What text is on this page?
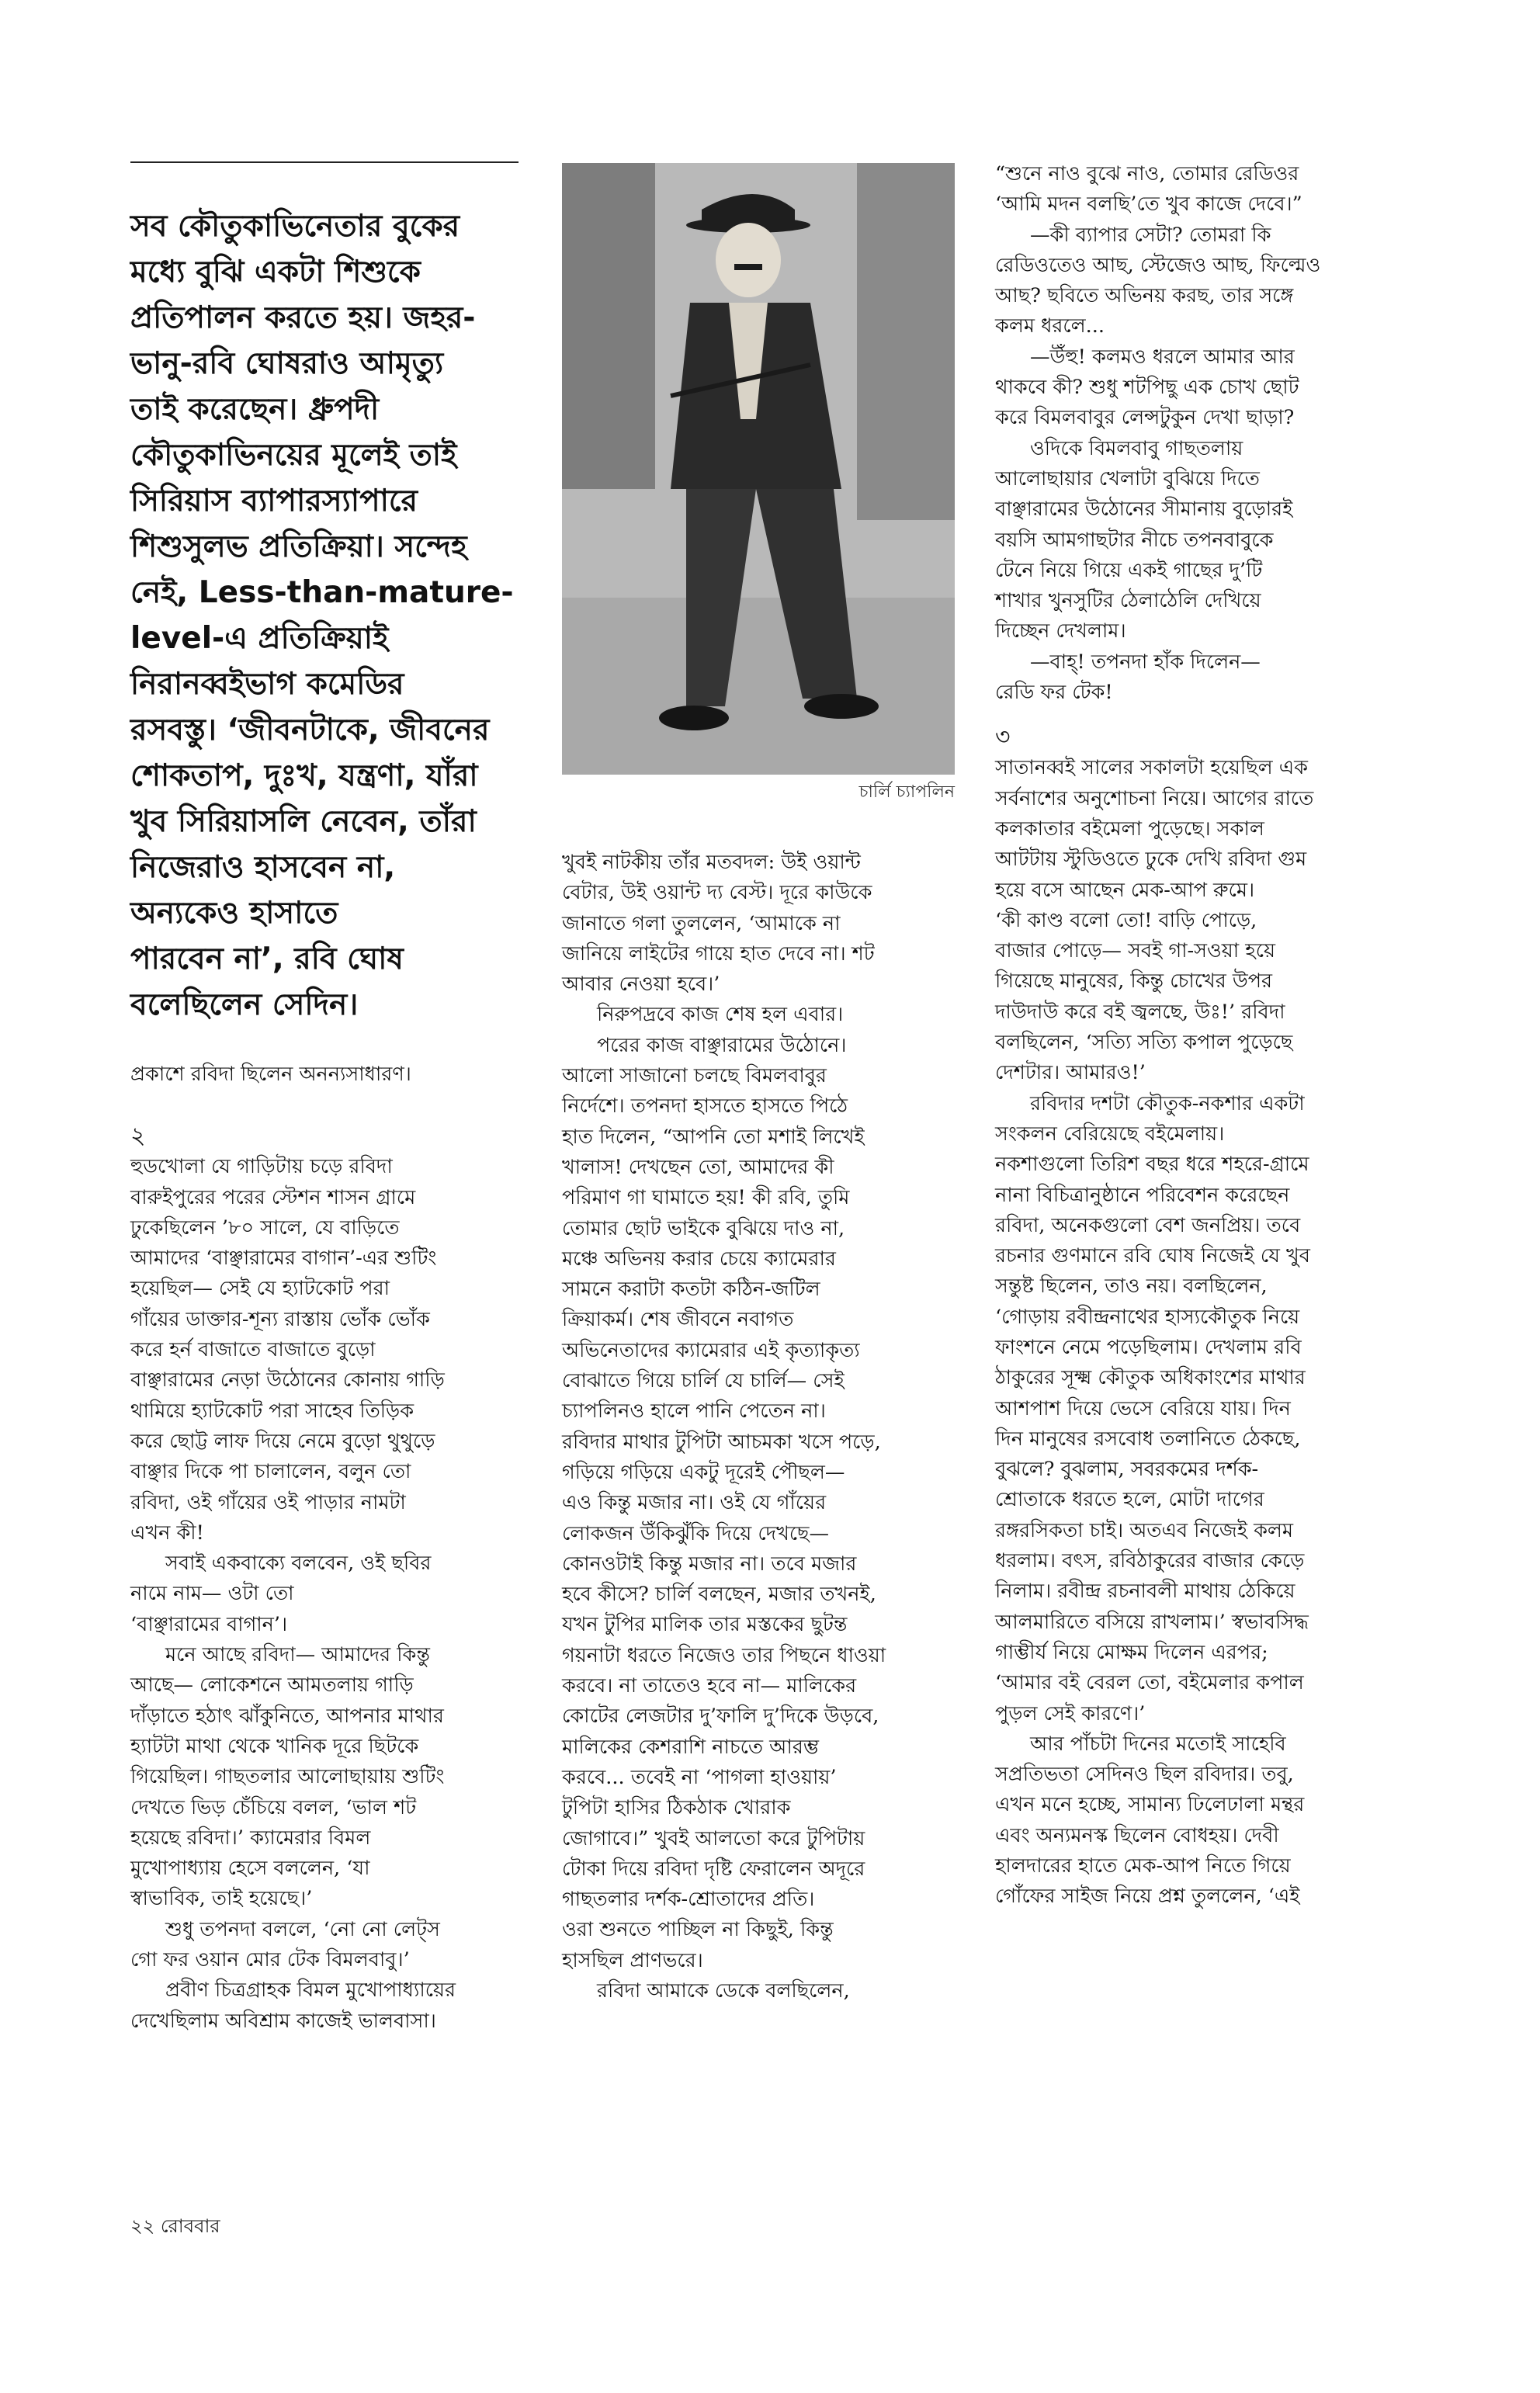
সব কৌতুকাভিনেতার বুকের

মধ্যে বুঝি একটা শিশুকে

প্রতিপালন করতে হয়। জহর-

ভানু-রবি ঘোষরাও আমৃত্যু

তাই করেছেন। ধ্রুপদী

কৌতুকাভিনয়ের মূলেই তাই

সিরিয়াস ব্যাপারস্যাপারে

শিশুসুলভ প্রতিক্রিয়া। সন্দেহ

নেই, Less-than-mature-

level-এ প্রতিক্রিয়াই

নিরানব্বইভাগ কমেডির

রসবস্তু। ‘জীবনটাকে, জীবনের

শোকতাপ, দুঃখ, যন্ত্রণা, যাঁরা

খুব সিরিয়াসলি নেবেন, তাঁরা

নিজেরাও হাসবেন না,

অন্যকেও হাসাতে

পারবেন না’, রবি ঘোষ

বলেছিলেন সেদিন।

চার্লি চ্যাপলিন

প্রকাশে রবিদা ছিলেন অনন্যসাধারণ।

২

হুডখোলা যে গাড়িটায় চড়ে রবিদা

বারুইপুরের পরের স্টেশন শাসন গ্রামে

ঢুকেছিলেন ’৮০ সালে, যে বাড়িতে

আমাদের ‘বাঞ্ছারামের বাগান’-এর শুটিং

হয়েছিল— সেই যে হ্যাটকোট পরা

গাঁয়ের ডাক্তার-শূন্য রাস্তায় ভোঁক ভোঁক

করে হর্ন বাজাতে বাজাতে বুড়ো

বাঞ্ছারামের নেড়া উঠোনের কোনায় গাড়ি

থামিয়ে হ্যাটকোট পরা সাহেব তিড়িক

করে ছোট্ট লাফ দিয়ে নেমে বুড়ো থুথুড়ে

বাঞ্ছার দিকে পা চালালেন, বলুন তো

রবিদা, ওই গাঁয়ের ওই পাড়ার নামটা

এখন কী!

সবাই একবাক্যে বলবেন, ওই ছবির

নামে নাম— ওটা তো

‘বাঞ্ছারামের বাগান’।

মনে আছে রবিদা— আমাদের কিন্তু

আছে— লোকেশনে আমতলায় গাড়ি

দাঁড়াতে হঠাৎ ঝাঁকুনিতে, আপনার মাথার

হ্যাটটা মাথা থেকে খানিক দূরে ছিটকে

গিয়েছিল। গাছতলার আলোছায়ায় শুটিং

দেখতে ভিড় চেঁচিয়ে বলল, ‘ভাল শট

হয়েছে রবিদা।’ ক্যামেরার বিমল

মুখোপাধ্যায় হেসে বললেন, ‘যা

স্বাভাবিক, তাই হয়েছে।’

শুধু তপনদা বললে, ‘নো নো লেট্‌স

গো ফর ওয়ান মোর টেক বিমলবাবু।’

প্রবীণ চিত্রগ্রাহক বিমল মুখোপাধ্যায়ের

দেখেছিলাম অবিশ্রাম কাজেই ভালবাসা।

খুবই নাটকীয় তাঁর মতবদল: উই ওয়ান্ট

বেটার, উই ওয়ান্ট দ্য বেস্ট। দূরে কাউকে

জানাতে গলা তুললেন, ‘আমাকে না

জানিয়ে লাইটের গায়ে হাত দেবে না। শট

আবার নেওয়া হবে।’

নিরুপদ্রবে কাজ শেষ হল এবার।

পরের কাজ বাঞ্ছারামের উঠোনে।

আলো সাজানো চলছে বিমলবাবুর

নির্দেশে। তপনদা হাসতে হাসতে পিঠে

হাত দিলেন, “আপনি তো মশাই লিখেই

খালাস! দেখছেন তো, আমাদের কী

পরিমাণ গা ঘামাতে হয়! কী রবি, তুমি

তোমার ছোট ভাইকে বুঝিয়ে দাও না,

মঞ্চে অভিনয় করার চেয়ে ক্যামেরার

সামনে করাটা কতটা কঠিন-জটিল

ক্রিয়াকর্ম। শেষ জীবনে নবাগত

অভিনেতাদের ক্যামেরার এই কৃত্যাকৃত্য

বোঝাতে গিয়ে চার্লি যে চার্লি— সেই

চ্যাপলিনও হালে পানি পেতেন না।

রবিদার মাথার টুপিটা আচমকা খসে পড়ে,

গড়িয়ে গড়িয়ে একটু দূরেই পৌছল—

এও কিন্তু মজার না। ওই যে গাঁয়ের

লোকজন উঁকিঝুঁকি দিয়ে দেখছে—

কোনওটাই কিন্তু মজার না। তবে মজার

হবে কীসে? চার্লি বলছেন, মজার তখনই,

যখন টুপির মালিক তার মস্তকের ছুটন্ত

গয়নাটা ধরতে নিজেও তার পিছনে ধাওয়া

করবে। না তাতেও হবে না— মালিকের

কোটের লেজটার দু’ফালি দু’দিকে উড়বে,

মালিকের কেশরাশি নাচতে আরম্ভ

করবে... তবেই না ‘পাগলা হাওয়ায়’

টুপিটা হাসির ঠিকঠাক খোরাক

জোগাবে।” খুবই আলতো করে টুপিটায়

টোকা দিয়ে রবিদা দৃষ্টি ফেরালেন অদূরে

গাছতলার দর্শক-শ্রোতাদের প্রতি।

ওরা শুনতে পাচ্ছিল না কিছুই, কিন্তু

হাসছিল প্রাণভরে।

রবিদা আমাকে ডেকে বলছিলেন,

“শুনে নাও বুঝে নাও, তোমার রেডিওর

‘আমি মদন বলছি’তে খুব কাজে দেবে।”

—কী ব্যাপার সেটা? তোমরা কি

রেডিওতেও আছ, স্টেজেও আছ, ফিল্মেও

আছ? ছবিতে অভিনয় করছ, তার সঙ্গে

কলম ধরলে...

—উঁহু! কলমও ধরলে আমার আর

থাকবে কী? শুধু শটপিছু এক চোখ ছোট

করে বিমলবাবুর লেন্সটুকুন দেখা ছাড়া?

ওদিকে বিমলবাবু গাছতলায়

আলোছায়ার খেলাটা বুঝিয়ে দিতে

বাঞ্ছারামের উঠোনের সীমানায় বুড়োরই

বয়সি আমগাছটার নীচে তপনবাবুকে

টেনে নিয়ে গিয়ে একই গাছের দু’টি

শাখার খুনসুটির ঠেলাঠেলি দেখিয়ে

দিচ্ছেন দেখলাম।

—বাহ্‌! তপনদা হাঁক দিলেন—

রেডি ফর টেক!

৩

সাতানব্বই সালের সকালটা হয়েছিল এক

সর্বনাশের অনুশোচনা নিয়ে। আগের রাতে

কলকাতার বইমেলা পুড়েছে। সকাল

আটটায় স্টুডিওতে ঢুকে দেখি রবিদা গুম

হয়ে বসে আছেন মেক-আপ রুমে।

‘কী কাণ্ড বলো তো! বাড়ি পোড়ে,

বাজার পোড়ে— সবই গা-সওয়া হয়ে

গিয়েছে মানুষের, কিন্তু চোখের উপর

দাউদাউ করে বই জ্বলছে, উঃ!’ রবিদা

বলছিলেন, ‘সত্যি সত্যি কপাল পুড়েছে

দেশটার। আমারও!’

রবিদার দশটা কৌতুক-নকশার একটা

সংকলন বেরিয়েছে বইমেলায়।

নকশাগুলো তিরিশ বছর ধরে শহরে-গ্রামে

নানা বিচিত্রানুষ্ঠানে পরিবেশন করেছেন

রবিদা, অনেকগুলো বেশ জনপ্রিয়। তবে

রচনার গুণমানে রবি ঘোষ নিজেই যে খুব

সন্তুষ্ট ছিলেন, তাও নয়। বলছিলেন,

‘গোড়ায় রবীন্দ্রনাথের হাস্যকৌতুক নিয়ে

ফাংশনে নেমে পড়েছিলাম। দেখলাম রবি

ঠাকুরের সূক্ষ্ম কৌতুক অধিকাংশের মাথার

আশপাশ দিয়ে ভেসে বেরিয়ে যায়। দিন

দিন মানুষের রসবোধ তলানিতে ঠেকছে,

বুঝলে? বুঝলাম, সবরকমের দর্শক-

শ্রোতাকে ধরতে হলে, মোটা দাগের

রঙ্গরসিকতা চাই। অতএব নিজেই কলম

ধরলাম। বৎস, রবিঠাকুরের বাজার কেড়ে

নিলাম। রবীন্দ্র রচনাবলী মাথায় ঠেকিয়ে

আলমারিতে বসিয়ে রাখলাম।’ স্বভাবসিদ্ধ

গাম্ভীর্য নিয়ে মোক্ষম দিলেন এরপর;

‘আমার বই বেরল তো, বইমেলার কপাল

পুড়ল সেই কারণে।’

আর পাঁচটা দিনের মতোই সাহেবি

সপ্রতিভতা সেদিনও ছিল রবিদার। তবু,

এখন মনে হচ্ছে, সামান্য ঢিলেঢালা মন্থর

এবং অন্যমনস্ক ছিলেন বোধহয়। দেবী

হালদারের হাতে মেক-আপ নিতে গিয়ে

গোঁফের সাইজ নিয়ে প্রশ্ন তুললেন, ‘এই

২২ রোববার
